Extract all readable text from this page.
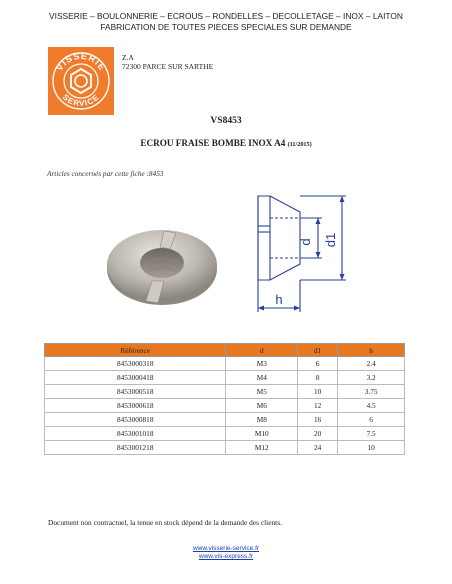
VISSERIE – BOULONNERIE – ECROUS – RONDELLES – DECOLLETAGE – INOX – LAITON
FABRICATION DE TOUTES PIECES SPECIALES SUR DEMANDE
VISSERIE
SERVICE
Z.A
72300 PARCE SUR SARTHE
VS8453
ECROU FRAISE BOMBE INOX A4 (11/2015)
Articles concernés par cette fiche :8453
d d1
h
Référence	d	d1	h
8453000318	M3	6	2.4
8453000418	M4	8	3.2
8453000518	M5	10	3.75
8453000618	M6	12	4.5
8453000818	M8	16	6
8453001018	M10	20	7.5
8453001218	M12	24	10
Document non contractuel, la tenue en stock dépend de la demande des clients.
www.visserie-service.fr
www.vis-express.fr
